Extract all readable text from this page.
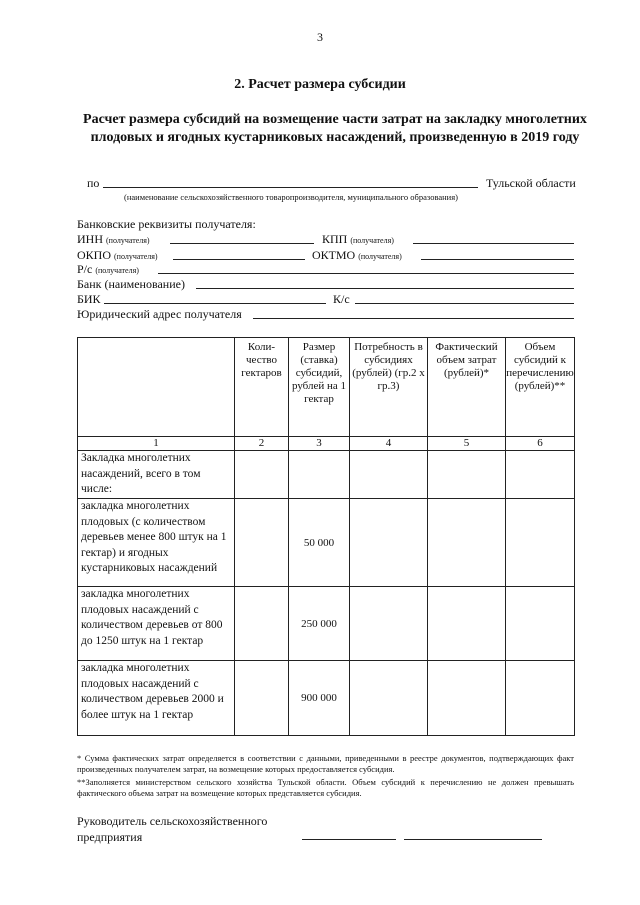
3
2. Расчет размера субсидии
Расчет размера субсидий на возмещение части затрат на закладку многолетних плодовых и ягодных кустарниковых насаждений, произведенную в 2019 году
по	Тульской области
(наименование сельскохозяйственного товаропроизводителя, муниципального образования)
Банковские реквизиты получателя:
ИНН (получателя)	КПП (получателя)
ОКПО (получателя)	ОКТМО (получателя)
Р/с (получателя)
Банк (наименование)
БИК	К/с
Юридический адрес получателя
	Коли-чество гектаров	Размер (ставка) субсидий, рублей на 1 гектар	Потребность в субсидиях (рублей) (гр.2 х гр.3)	Фактический объем затрат (рублей)*	Объем субсидий к перечислению (рублей)**
1	2	3	4	5	6
Закладка многолетних насаждений, всего в том числе:					
закладка многолетних плодовых (с количеством деревьев менее 800 штук на 1 гектар) и ягодных кустарниковых насаждений		50 000			
закладка многолетних плодовых насаждений с количеством деревьев от 800 до 1250 штук на 1 гектар		250 000			
закладка многолетних плодовых насаждений с количеством деревьев 2000 и более штук на 1 гектар		900 000			
* Сумма фактических затрат определяется в соответствии с данными, приведенными в реестре документов, подтверждающих факт произведенных получателем затрат, на возмещение которых предоставляется субсидия.
**Заполняется министерством сельского хозяйства Тульской области. Объем субсидий к перечислению не должен превышать фактического объема затрат на возмещение которых представляется субсидия.
Руководитель сельскохозяйственного
предприятия
